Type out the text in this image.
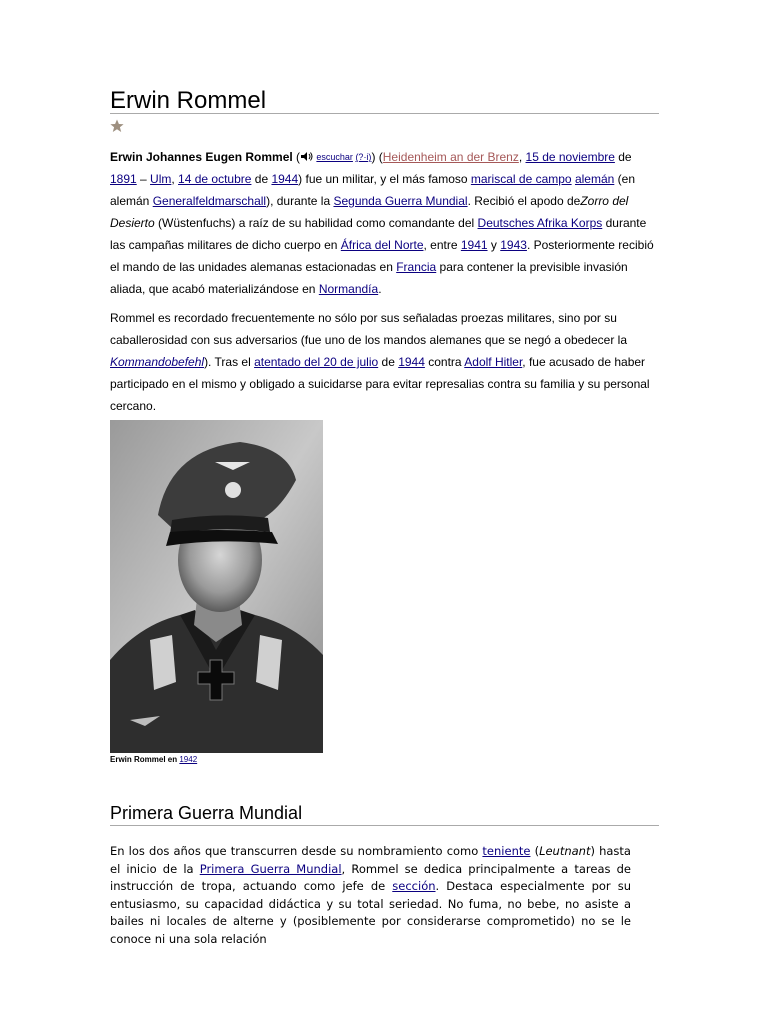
Erwin Rommel

Erwin Johannes Eugen Rommel ( escuchar (?·i)) (Heidenheim an der Brenz, 15 de noviembre de 1891 – Ulm, 14 de octubre de 1944) fue un militar, y el más famoso mariscal de campo alemán (en alemán Generalfeldmarschall), durante la Segunda Guerra Mundial. Recibió el apodo deZorro del Desierto (Wüstenfuchs) a raíz de su habilidad como comandante del Deutsches Afrika Korps durante las campañas militares de dicho cuerpo en África del Norte, entre 1941 y 1943. Posteriormente recibió el mando de las unidades alemanas estacionadas en Francia para contener la previsible invasión aliada, que acabó materializándose en Normandía.

Rommel es recordado frecuentemente no sólo por sus señaladas proezas militares, sino por su caballerosidad con sus adversarios (fue uno de los mandos alemanes que se negó a obedecer la Kommandobefehl). Tras el atentado del 20 de julio de 1944 contra Adolf Hitler, fue acusado de haber participado en el mismo y obligado a suicidarse para evitar represalias contra su familia y su personal cercano.

Erwin Rommel en 1942
Primera Guerra Mundial

En los dos años que transcurren desde su nombramiento como teniente (Leutnant) hasta el inicio de la Primera Guerra Mundial, Rommel se dedica principalmente a tareas de instrucción de tropa, actuando como jefe de sección. Destaca especialmente por su entusiasmo, su capacidad didáctica y su total seriedad. No fuma, no bebe, no asiste a bailes ni locales de alterne y (posiblemente por considerarse comprometido) no se le conoce ni una sola relación
